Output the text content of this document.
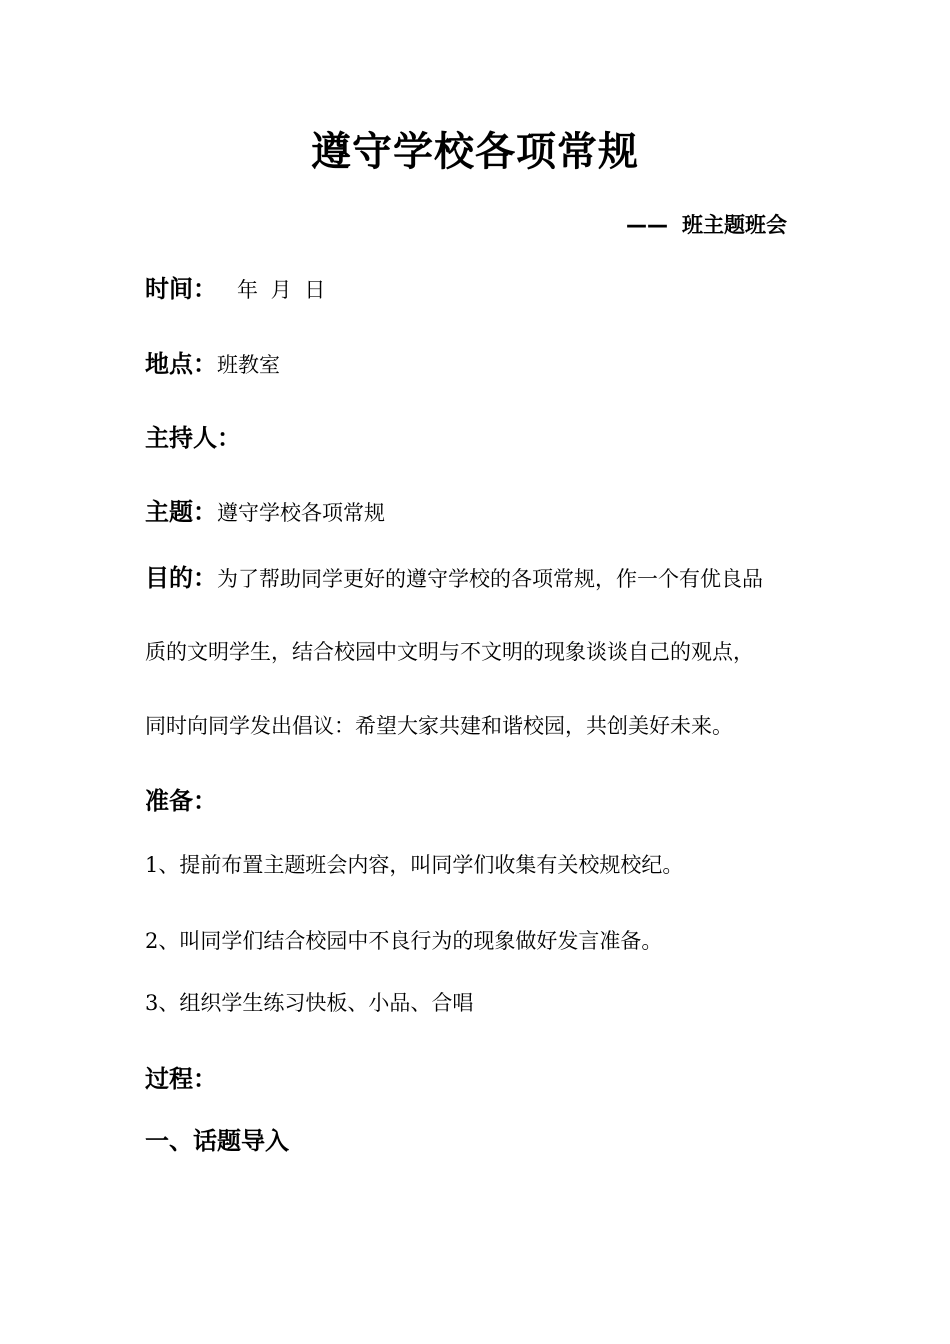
遵守学校各项常规
—— 班主题班会
时间： 年 月 日
地点：班教室
主持人：
主题：遵守学校各项常规
目的：为了帮助同学更好的遵守学校的各项常规，作一个有优良品
质的文明学生，结合校园中文明与不文明的现象谈谈自己的观点，
同时向同学发出倡议：希望大家共建和谐校园，共创美好未来。
准备：
1、提前布置主题班会内容，叫同学们收集有关校规校纪。
2、叫同学们结合校园中不良行为的现象做好发言准备。
3、组织学生练习快板、小品、合唱
过程：
一、话题导入
